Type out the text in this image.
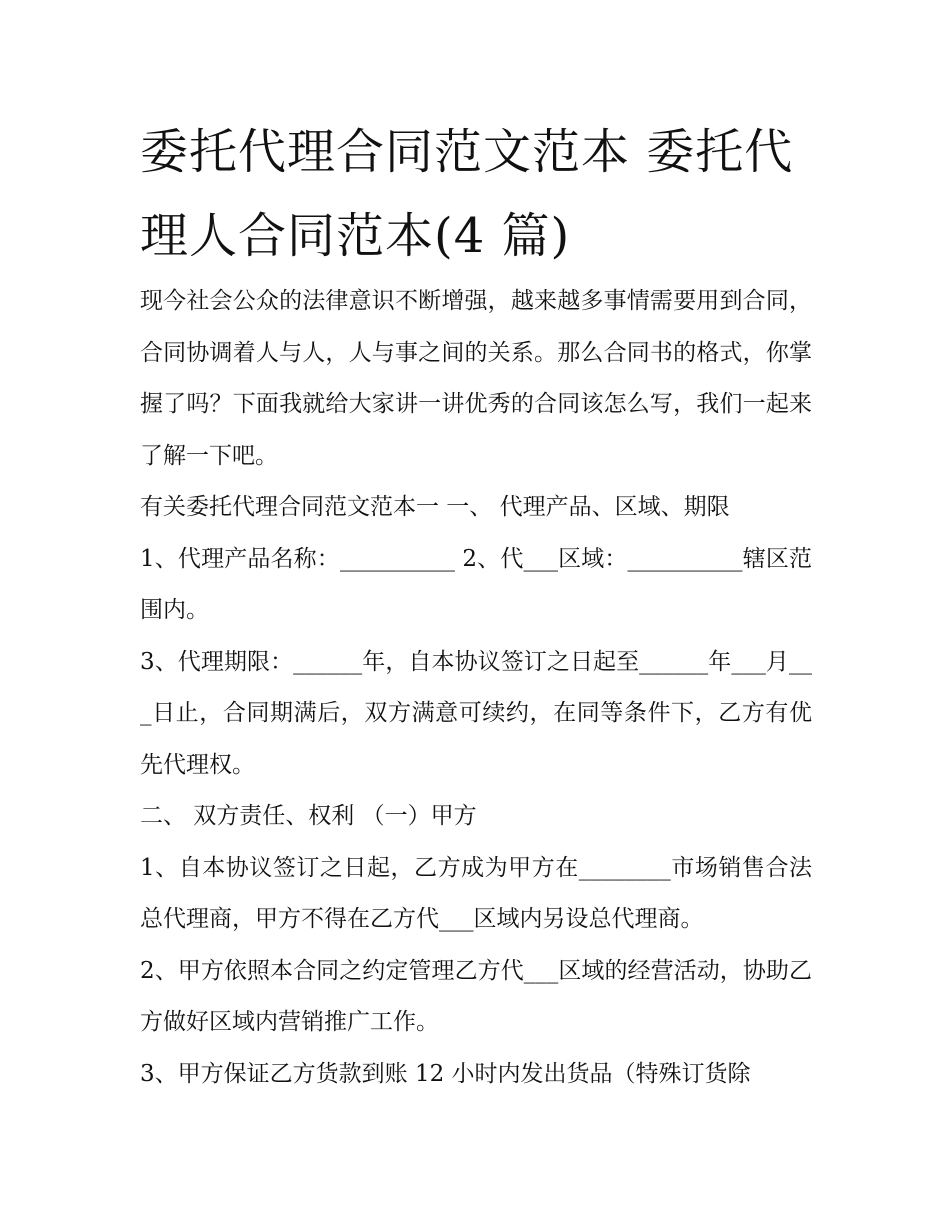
委托代理合同范文范本 委托代理人合同范本(4 篇)

现今社会公众的法律意识不断增强，越来越多事情需要用到合同，合同协调着人与人，人与事之间的关系。那么合同书的格式，你掌握了吗？下面我就给大家讲一讲优秀的合同该怎么写，我们一起来了解一下吧。

有关委托代理合同范文范本一 一、 代理产品、区域、期限

1、代理产品名称：__________ 2、代___区域：__________辖区范围内。

3、代理期限：______年，自本协议签订之日起至______年___月___日止，合同期满后，双方满意可续约，在同等条件下，乙方有优先代理权。

二、 双方责任、权利 （一）甲方

1、自本协议签订之日起，乙方成为甲方在________市场销售合法总代理商，甲方不得在乙方代___区域内另设总代理商。

2、甲方依照本合同之约定管理乙方代___区域的经营活动，协助乙方做好区域内营销推广工作。

3、甲方保证乙方货款到账 12 小时内发出货品（特殊订货除
